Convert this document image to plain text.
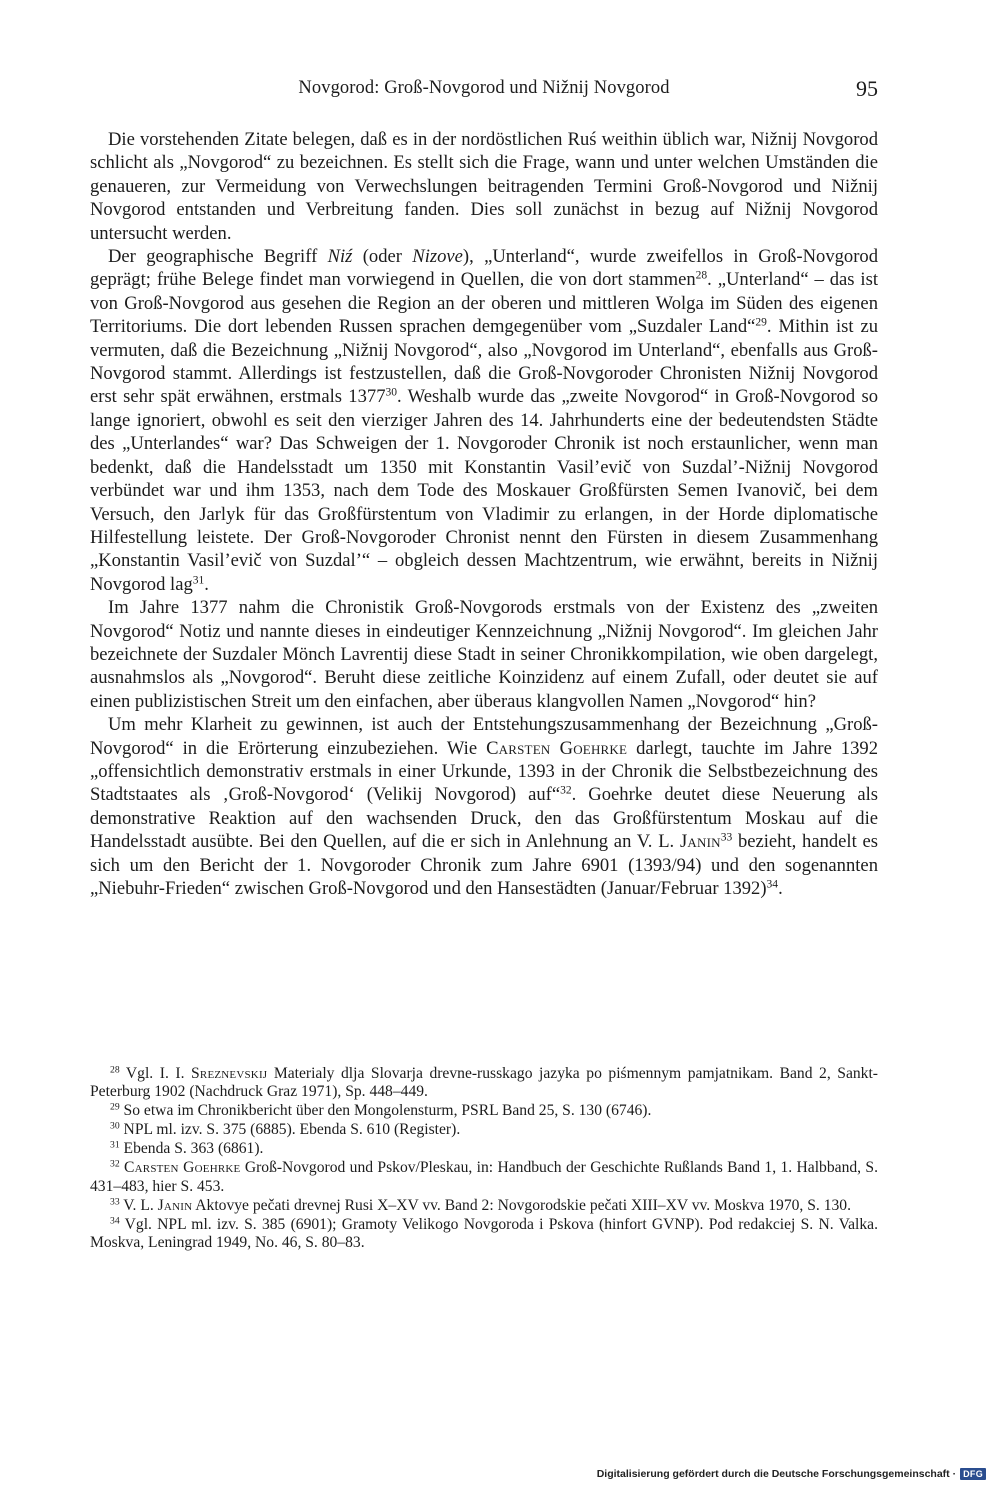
Novgorod: Groß-Novgorod und Nižnij Novgorod	95

Die vorstehenden Zitate belegen, daß es in der nordöstlichen Ruś weithin üblich war, Nižnij Novgorod schlicht als „Novgorod“ zu bezeichnen. Es stellt sich die Frage, wann und unter welchen Umständen die genaueren, zur Vermeidung von Verwechslungen beitragenden Termini Groß-Novgorod und Nižnij Novgorod entstanden und Verbreitung fanden. Dies soll zunächst in bezug auf Nižnij Novgorod untersucht werden.

Der geographische Begriff Niź (oder Nizove), „Unterland“, wurde zweifellos in Groß-Novgorod geprägt; frühe Belege findet man vorwiegend in Quellen, die von dort stammen$^{28}$. „Unterland“ – das ist von Groß-Novgorod aus gesehen die Region an der oberen und mittleren Wolga im Süden des eigenen Territoriums. Die dort lebenden Russen sprachen demgegenüber vom „Suzdaler Land“$^{29}$. Mithin ist zu vermuten, daß die Bezeichnung „Nižnij Novgorod“, also „Novgorod im Unterland“, ebenfalls aus Groß-Novgorod stammt. Allerdings ist festzustellen, daß die Groß-Novgoroder Chronisten Nižnij Novgorod erst sehr spät erwähnen, erstmals 1377$^{30}$. Weshalb wurde das „zweite Novgorod“ in Groß-Novgorod so lange ignoriert, obwohl es seit den vierziger Jahren des 14. Jahrhunderts eine der bedeutendsten Städte des „Unterlandes“ war? Das Schweigen der 1. Novgoroder Chronik ist noch erstaunlicher, wenn man bedenkt, daß die Handelsstadt um 1350 mit Konstantin Vasil’evič von Suzdal’-Nižnij Novgorod verbündet war und ihm 1353, nach dem Tode des Moskauer Großfürsten Semen Ivanovič, bei dem Versuch, den Jarlyk für das Großfürstentum von Vladimir zu erlangen, in der Horde diplomatische Hilfestellung leistete. Der Groß-Novgoroder Chronist nennt den Fürsten in diesem Zusammenhang „Konstantin Vasil’evič von Suzdal’“ – obgleich dessen Machtzentrum, wie erwähnt, bereits in Nižnij Novgorod lag$^{31}$.

Im Jahre 1377 nahm die Chronistik Groß-Novgorods erstmals von der Existenz des „zweiten Novgorod“ Notiz und nannte dieses in eindeutiger Kennzeichnung „Nižnij Novgorod“. Im gleichen Jahr bezeichnete der Suzdaler Mönch Lavrentij diese Stadt in seiner Chronikkompilation, wie oben dargelegt, ausnahmslos als „Novgorod“. Beruht diese zeitliche Koinzidenz auf einem Zufall, oder deutet sie auf einen publizistischen Streit um den einfachen, aber überaus klangvollen Namen „Novgorod“ hin?

Um mehr Klarheit zu gewinnen, ist auch der Entstehungszusammenhang der Bezeichnung „Groß-Novgorod“ in die Erörterung einzubeziehen. Wie Carsten Goehrke darlegt, tauchte im Jahre 1392 „offensichtlich demonstrativ erstmals in einer Urkunde, 1393 in der Chronik die Selbstbezeichnung des Stadtstaates als ‚Groß-Novgorod‘ (Velikij Novgorod) auf“$^{32}$. Goehrke deutet diese Neuerung als demonstrative Reaktion auf den wachsenden Druck, den das Großfürstentum Moskau auf die Handelsstadt ausübte. Bei den Quellen, auf die er sich in Anlehnung an V. L. Janin$^{33}$ bezieht, handelt es sich um den Bericht der 1. Novgoroder Chronik zum Jahre 6901 (1393/94) und den sogenannten „Niebuhr-Frieden“ zwischen Groß-Novgorod und den Hansestädten (Januar/Februar 1392)$^{34}$.

$^{28}$ Vgl. I. I. Sreznevskij Materialy dlja Slovarja drevne-russkago jazyka po piśmennym pamjatnikam. Band 2, Sankt-Peterburg 1902 (Nachdruck Graz 1971), Sp. 448–449.

$^{29}$ So etwa im Chronikbericht über den Mongolensturm, PSRL Band 25, S. 130 (6746).

$^{30}$ NPL ml. izv. S. 375 (6885). Ebenda S. 610 (Register).

$^{31}$ Ebenda S. 363 (6861).

$^{32}$ Carsten Goehrke Groß-Novgorod und Pskov/Pleskau, in: Handbuch der Geschichte Rußlands Band 1, 1. Halbband, S. 431–483, hier S. 453.

$^{33}$ V. L. Janin Aktovye pečati drevnej Rusi X–XV vv. Band 2: Novgorodskie pečati XIII–XV vv. Moskva 1970, S. 130.

$^{34}$ Vgl. NPL ml. izv. S. 385 (6901); Gramoty Velikogo Novgoroda i Pskova (hinfort GVNP). Pod redakciej S. N. Valka. Moskva, Leningrad 1949, No. 46, S. 80–83.

Digitalisierung gefördert durch die Deutsche Forschungsgemeinschaft · DFG
